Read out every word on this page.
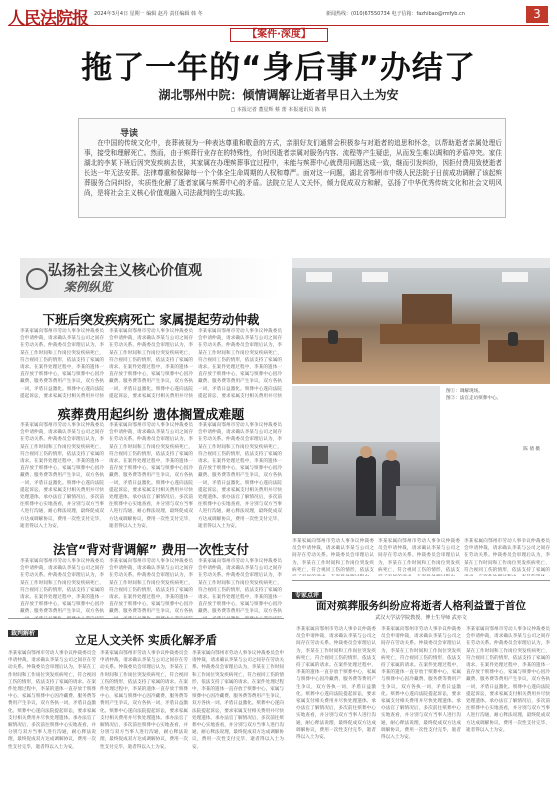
人民法院报 2024年3月4日 星期一 编辑 赵丹 责任编辑 韩 冬	新闻热线：(010)67550734 电子信箱：fazhibao@rmfyb.cn	3
【案件·深度】
拖了一年的“身后事”办结了
湖北鄂州中院：倾情调解让逝者早日入土为安
□ 本报记者 董星辉 蔡 蕾 本报通讯员 陈 倩
导读
在中国的传统文化中，丧葬被视为一种表达尊重和敬意的方式，亲朋好友们通常会积极参与对逝者的追思和怀念，以帮助逝者亲属处理后事，接受和理解死亡。然而，由于殡葬行业存在的特殊性，有时因逝者亲属对服务内容、流程等产生疑虑，从而发生难以调和的矛盾冲突。家住湖北的李某下班后因突发疾病去世，其家属在办理殡葬事宜过程中，未能与殡葬中心就费用问题达成一致，继而引发纠纷，因拒付费用致使逝者长达一年无法安葬。法律尊重和保障每一个个体全生命周期的人权和尊严。面对这一问题，湖北省鄂州市中级人民法院于日前成功调解了该起殡葬服务合同纠纷，实质性化解了逝者家属与殡葬中心的矛盾。法院立足人文关怀，倾力促成双方和解，弘扬了中华优秀传统文化和社会文明风尚，是将社会主义核心价值观融入司法裁判的生动实践。
弘扬社会主义核心价值观
案例纵览
下班后突发疾病死亡 家属提起劳动仲裁
李某家属向鄂州市劳动人事争议仲裁委员会申请仲裁，请求确认李某与公司之间存在劳动关系。仲裁委员会审理后认为，李某在工作时间和工作岗位突发疾病死亡，符合视同工伤的情形，依法支持了家属的请求。在案件处理过程中，李某的遗体一直存放于殡葬中心，家属与殡葬中心因冷藏费、服务费等费用产生争议，双方各执一词，矛盾日益激化。殡葬中心遂向法院提起诉讼，要求家属支付相关费用并尽快
李某家属向鄂州市劳动人事争议仲裁委员会申请仲裁，请求确认李某与公司之间存在劳动关系。仲裁委员会审理后认为，李某在工作时间和工作岗位突发疾病死亡，符合视同工伤的情形，依法支持了家属的请求。在案件处理过程中，李某的遗体一直存放于殡葬中心，家属与殡葬中心因冷藏费、服务费等费用产生争议，双方各执一词，矛盾日益激化。殡葬中心遂向法院提起诉讼，要求家属支付相关费用并尽快
李某家属向鄂州市劳动人事争议仲裁委员会申请仲裁，请求确认李某与公司之间存在劳动关系。仲裁委员会审理后认为，李某在工作时间和工作岗位突发疾病死亡，符合视同工伤的情形，依法支持了家属的请求。在案件处理过程中，李某的遗体一直存放于殡葬中心，家属与殡葬中心因冷藏费、服务费等费用产生争议，双方各执一词，矛盾日益激化。殡葬中心遂向法院提起诉讼，要求家属支付相关费用并尽快
殡葬费用起纠纷 遗体搁置成难题
李某家属向鄂州市劳动人事争议仲裁委员会申请仲裁，请求确认李某与公司之间存在劳动关系。仲裁委员会审理后认为，李某在工作时间和工作岗位突发疾病死亡，符合视同工伤的情形，依法支持了家属的请求。在案件处理过程中，李某的遗体一直存放于殡葬中心，家属与殡葬中心因冷藏费、服务费等费用产生争议，双方各执一词，矛盾日益激化。殡葬中心遂向法院提起诉讼，要求家属支付相关费用并尽快处理遗体。承办法官了解情况后，多次前往殡葬中心实地查看，并分别与双方当事人进行沟通，耐心释法说理，最终促成双方达成调解协议，费用一次性支付完毕，逝者得以入土为安。
李某家属向鄂州市劳动人事争议仲裁委员会申请仲裁，请求确认李某与公司之间存在劳动关系。仲裁委员会审理后认为，李某在工作时间和工作岗位突发疾病死亡，符合视同工伤的情形，依法支持了家属的请求。在案件处理过程中，李某的遗体一直存放于殡葬中心，家属与殡葬中心因冷藏费、服务费等费用产生争议，双方各执一词，矛盾日益激化。殡葬中心遂向法院提起诉讼，要求家属支付相关费用并尽快处理遗体。承办法官了解情况后，多次前往殡葬中心实地查看，并分别与双方当事人进行沟通，耐心释法说理，最终促成双方达成调解协议，费用一次性支付完毕，逝者得以入土为安。
李某家属向鄂州市劳动人事争议仲裁委员会申请仲裁，请求确认李某与公司之间存在劳动关系。仲裁委员会审理后认为，李某在工作时间和工作岗位突发疾病死亡，符合视同工伤的情形，依法支持了家属的请求。在案件处理过程中，李某的遗体一直存放于殡葬中心，家属与殡葬中心因冷藏费、服务费等费用产生争议，双方各执一词，矛盾日益激化。殡葬中心遂向法院提起诉讼，要求家属支付相关费用并尽快处理遗体。承办法官了解情况后，多次前往殡葬中心实地查看，并分别与双方当事人进行沟通，耐心释法说理，最终促成双方达成调解协议，费用一次性支付完毕，逝者得以入土为安。
法官“背对背调解” 费用一次性支付
李某家属向鄂州市劳动人事争议仲裁委员会申请仲裁，请求确认李某与公司之间存在劳动关系。仲裁委员会审理后认为，李某在工作时间和工作岗位突发疾病死亡，符合视同工伤的情形，依法支持了家属的请求。在案件处理过程中，李某的遗体一直存放于殡葬中心，家属与殡葬中心因冷藏费、服务费等费用产生争议，双方各执
李某家属向鄂州市劳动人事争议仲裁委员会申请仲裁，请求确认李某与公司之间存在劳动关系。仲裁委员会审理后认为，李某在工作时间和工作岗位突发疾病死亡，符合视同工伤的情形，依法支持了家属的请求。在案件处理过程中，李某的遗体一直存放于殡葬中心，家属与殡葬中心因冷藏费、服务费等费用产生争议，双方各执
李某家属向鄂州市劳动人事争议仲裁委员会申请仲裁，请求确认李某与公司之间存在劳动关系。仲裁委员会审理后认为，李某在工作时间和工作岗位突发疾病死亡，符合视同工伤的情形，依法支持了家属的请求。在案件处理过程中，李某的遗体一直存放于殡葬中心，家属与殡葬中心因冷藏费、服务费等费用产生争议，双方各执
裁判解析	立足人文关怀 实质化解矛盾
李某家属向鄂州市劳动人事争议仲裁委员会申请仲裁，请求确认李某与公司之间存在劳动关系。仲裁委员会审理后认为，李某在工作时间和工作岗位突发疾病死亡，符合视同工伤的情形，依法支持了家属的请求。在案件处理过程中，李某的遗体一直存放于殡葬中心，家属与殡葬中心因冷藏费、服务费等费用产生争议，双方各执一词，矛盾日益激化。殡葬中心遂向法院提起诉讼，要求家属支付相关费用并尽快处理遗体。承办法官了解情况后，多次前往殡葬中心实地查看，并分别与双方当事人进行沟通，耐心释法说理，最终促成双方达成调解协议，费用一次性支付完毕，逝者得以入土为安。
李某家属向鄂州市劳动人事争议仲裁委员会申请仲裁，请求确认李某与公司之间存在劳动关系。仲裁委员会审理后认为，李某在工作时间和工作岗位突发疾病死亡，符合视同工伤的情形，依法支持了家属的请求。在案件处理过程中，李某的遗体一直存放于殡葬中心，家属与殡葬中心因冷藏费、服务费等费用产生争议，双方各执一词，矛盾日益激化。殡葬中心遂向法院提起诉讼，要求家属支付相关费用并尽快处理遗体。承办法官了解情况后，多次前往殡葬中心实地查看，并分别与双方当事人进行沟通，耐心释法说理，最终促成双方达成调解协议，费用一次性支付完毕，逝者得以入土为安。
李某家属向鄂州市劳动人事争议仲裁委员会申请仲裁，请求确认李某与公司之间存在劳动关系。仲裁委员会审理后认为，李某在工作时间和工作岗位突发疾病死亡，符合视同工伤的情形，依法支持了家属的请求。在案件处理过程中，李某的遗体一直存放于殡葬中心，家属与殡葬中心因冷藏费、服务费等费用产生争议，双方各执一词，矛盾日益激化。殡葬中心遂向法院提起诉讼，要求家属支付相关费用并尽快处理遗体。承办法官了解情况后，多次前往殡葬中心实地查看，并分别与双方当事人进行沟通，耐心释法说理，最终促成双方达成调解协议，费用一次性支付完毕，逝者得以入土为安。
图①：调解现场。
图②：法官走访殡葬中心。
陈 倩 摄
李某家属向鄂州市劳动人事争议仲裁委员会申请仲裁，请求确认李某与公司之间存在劳动关系。仲裁委员会审理后认为，李某在工作时间和工作岗位突发疾病死亡，符合视同工伤的情形，依法支
李某家属向鄂州市劳动人事争议仲裁委员会申请仲裁，请求确认李某与公司之间存在劳动关系。仲裁委员会审理后认为，李某在工作时间和工作岗位突发疾病死亡，符合视同工伤的情形，依法支
李某家属向鄂州市劳动人事争议仲裁委员会申请仲裁，请求确认李某与公司之间存在劳动关系。仲裁委员会审理后认为，李某在工作时间和工作岗位突发疾病死亡，符合视同工伤的情形，依法支持了家属的
专家点评
面对殡葬服务纠纷应将逝者人格利益置于首位
武汉大学法学院教授、博士生导师 武亦文
李某家属向鄂州市劳动人事争议仲裁委员会申请仲裁，请求确认李某与公司之间存在劳动关系。仲裁委员会审理后认为，李某在工作时间和工作岗位突发疾病死亡，符合视同工伤的情形，依法支持了家属的请求。在案件处理过程中，李某的遗体一直存放于殡葬中心，家属与殡葬中心因冷藏费、服务费等费用产生争议，双方各执一词，矛盾日益激化。殡葬中心遂向法院提起诉讼，要求家属支付相关费用并尽快处理遗体。承办法官了解情况后，多次前往殡葬中心实地查看，并分别与双方当事人进行沟通，耐心释法说理，最终促成双方达成调解协议，费用一次性支付完毕，逝者得以入土为安。
李某家属向鄂州市劳动人事争议仲裁委员会申请仲裁，请求确认李某与公司之间存在劳动关系。仲裁委员会审理后认为，李某在工作时间和工作岗位突发疾病死亡，符合视同工伤的情形，依法支持了家属的请求。在案件处理过程中，李某的遗体一直存放于殡葬中心，家属与殡葬中心因冷藏费、服务费等费用产生争议，双方各执一词，矛盾日益激化。殡葬中心遂向法院提起诉讼，要求家属支付相关费用并尽快处理遗体。承办法官了解情况后，多次前往殡葬中心实地查看，并分别与双方当事人进行沟通，耐心释法说理，最终促成双方达成调解协议，费用一次性支付完毕，逝者得以入土为安。
李某家属向鄂州市劳动人事争议仲裁委员会申请仲裁，请求确认李某与公司之间存在劳动关系。仲裁委员会审理后认为，李某在工作时间和工作岗位突发疾病死亡，符合视同工伤的情形，依法支持了家属的请求。在案件处理过程中，李某的遗体一直存放于殡葬中心，家属与殡葬中心因冷藏费、服务费等费用产生争议，双方各执一词，矛盾日益激化。殡葬中心遂向法院提起诉讼，要求家属支付相关费用并尽快处理遗体。承办法官了解情况后，多次前往殡葬中心实地查看，并分别与双方当事人进行沟通，耐心释法说理，最终促成双方达成调解协议，费用一次性支付完毕，逝者得以入土为安。
